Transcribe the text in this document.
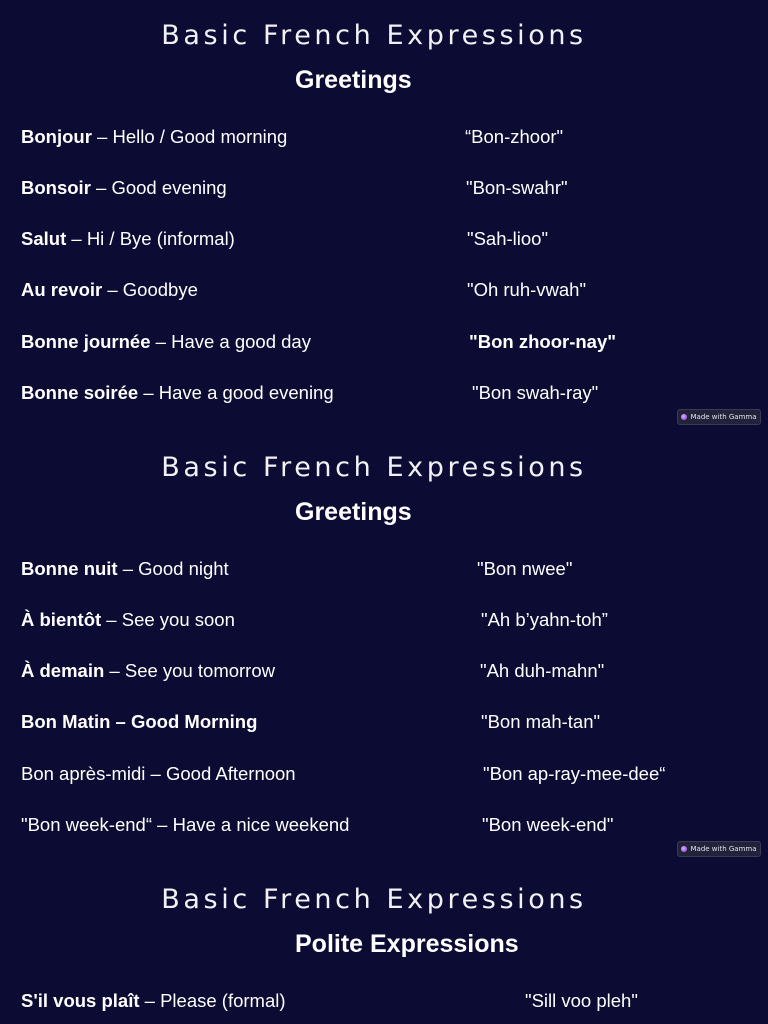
Basic French Expressions
Greetings
Bonjour – Hello / Good morning	“Bon-zhoor"
Bonsoir – Good evening	"Bon-swahr"
Salut – Hi / Bye (informal)	"Sah-lioo"
Au revoir – Goodbye	"Oh ruh-vwah"
Bonne journée – Have a good day	"Bon zhoor-nay"
Bonne soirée – Have a good evening	"Bon swah-ray"
Made with Gamma
Basic French Expressions
Greetings
Bonne nuit – Good night	"Bon nwee"
À bientôt – See you soon	"Ah b’yahn-toh”
À demain – See you tomorrow	"Ah duh-mahn"
Bon Matin – Good Morning	"Bon mah-tan"
Bon après-midi – Good Afternoon	"Bon ap-ray-mee-dee“
"Bon week-end“ – Have a nice weekend	"Bon week-end"
Made with Gamma
Basic French Expressions
Polite Expressions
S'il vous plaît – Please (formal)	"Sill voo pleh"
